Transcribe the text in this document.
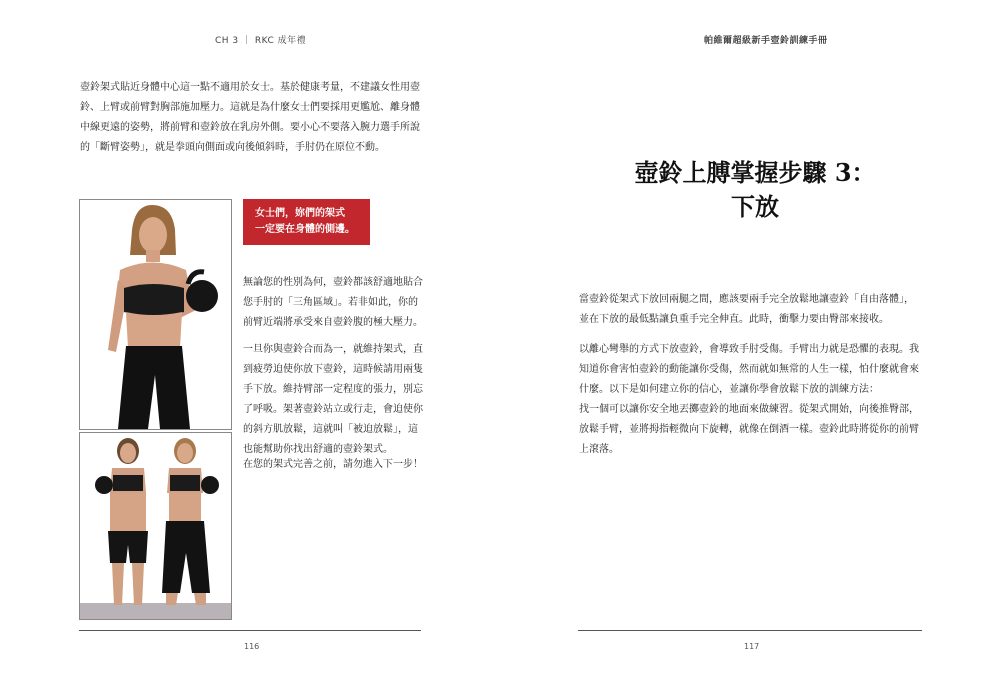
CH 3 ｜ RKC 成年禮
壺鈴架式貼近身體中心這一點不適用於女士。基於健康考量，不建議女性用壺
鈴、上臂或前臂對胸部施加壓力。這就是為什麼女士們要採用更尷尬、離身體
中線更遠的姿勢，將前臂和壺鈴放在乳房外側。要小心不要落入腕力選手所說
的「斷臂姿勢」，就是拳頭向側面或向後傾斜時，手肘仍在原位不動。
女士們，妳們的架式
一定要在身體的側邊。
無論您的性別為何，壺鈴都該舒適地貼合
您手肘的「三角區域」。若非如此，你的
前臂近端將承受來自壺鈴腹的極大壓力。
一旦你與壺鈴合而為一，就維持架式，直
到疲勞迫使你放下壺鈴，這時候請用兩隻
手下放。維持臂部一定程度的張力，別忘
了呼吸。架著壺鈴站立或行走，會迫使你
的斜方肌放鬆，這就叫「被迫放鬆」，這
也能幫助你找出舒適的壺鈴架式。
在您的架式完善之前，請勿進入下一步！
116
帕維爾超級新手壺鈴訓練手冊
壺鈴上膊掌握步驟 3：
下放
當壺鈴從架式下放回兩腿之間，應該要兩手完全放鬆地讓壺鈴「自由落體」，
並在下放的最低點讓負重手完全伸直。此時，衝擊力要由臀部來接收。
以離心彎舉的方式下放壺鈴，會導致手肘受傷。手臂出力就是恐懼的表現。我
知道你會害怕壺鈴的動能讓你受傷，然而就如無常的人生一樣，怕什麼就會來
什麼。以下是如何建立你的信心，並讓你學會放鬆下放的訓練方法：
找一個可以讓你安全地丟擲壺鈴的地面來做練習。從架式開始，向後推臀部，
放鬆手臂，並將拇指輕微向下旋轉，就像在倒酒一樣。壺鈴此時將從你的前臂
上滾落。
117
